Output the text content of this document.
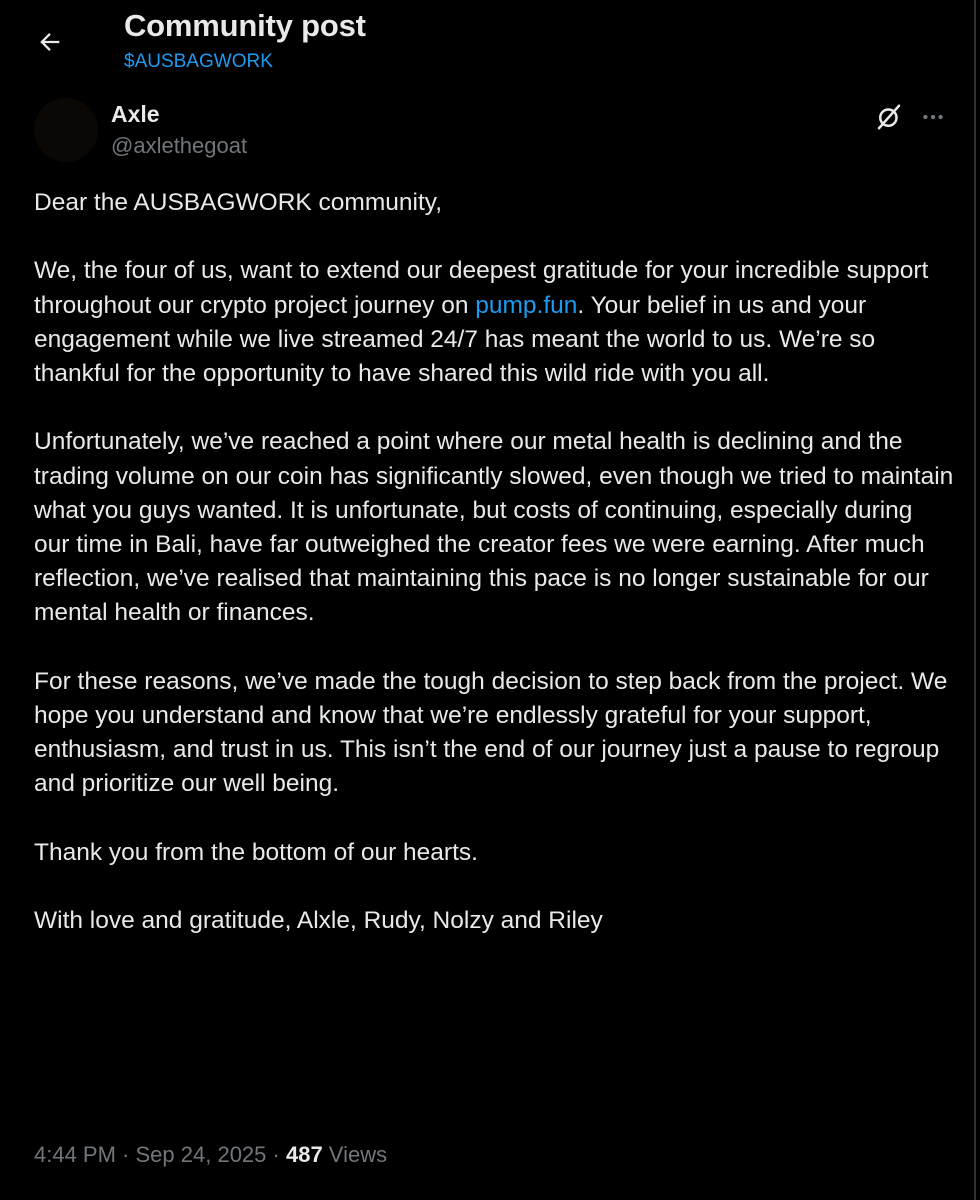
Community post
$AUSBAGWORK
Axle
@axlethegoat

Dear the AUSBAGWORK community,

We, the four of us, want to extend our deepest gratitude for your incredible support throughout our crypto project journey on pump.fun. Your belief in us and your engagement while we live streamed 24/7 has meant the world to us. We’re so thankful for the opportunity to have shared this wild ride with you all.

Unfortunately, we’ve reached a point where our metal health is declining and the trading volume on our coin has significantly slowed, even though we tried to maintain what you guys wanted. It is unfortunate, but costs of continuing, especially during our time in Bali, have far outweighed the creator fees we were earning. After much reflection, we’ve realised that maintaining this pace is no longer sustainable for our mental health or finances.

For these reasons, we’ve made the tough decision to step back from the project. We hope you understand and know that we’re endlessly grateful for your support, enthusiasm, and trust in us. This isn’t the end of our journey just a pause to regroup and prioritize our well being.

Thank you from the bottom of our hearts.

With love and gratitude, Alxle, Rudy, Nolzy and Riley

4:44 PM · Sep 24, 2025 · 487 Views
